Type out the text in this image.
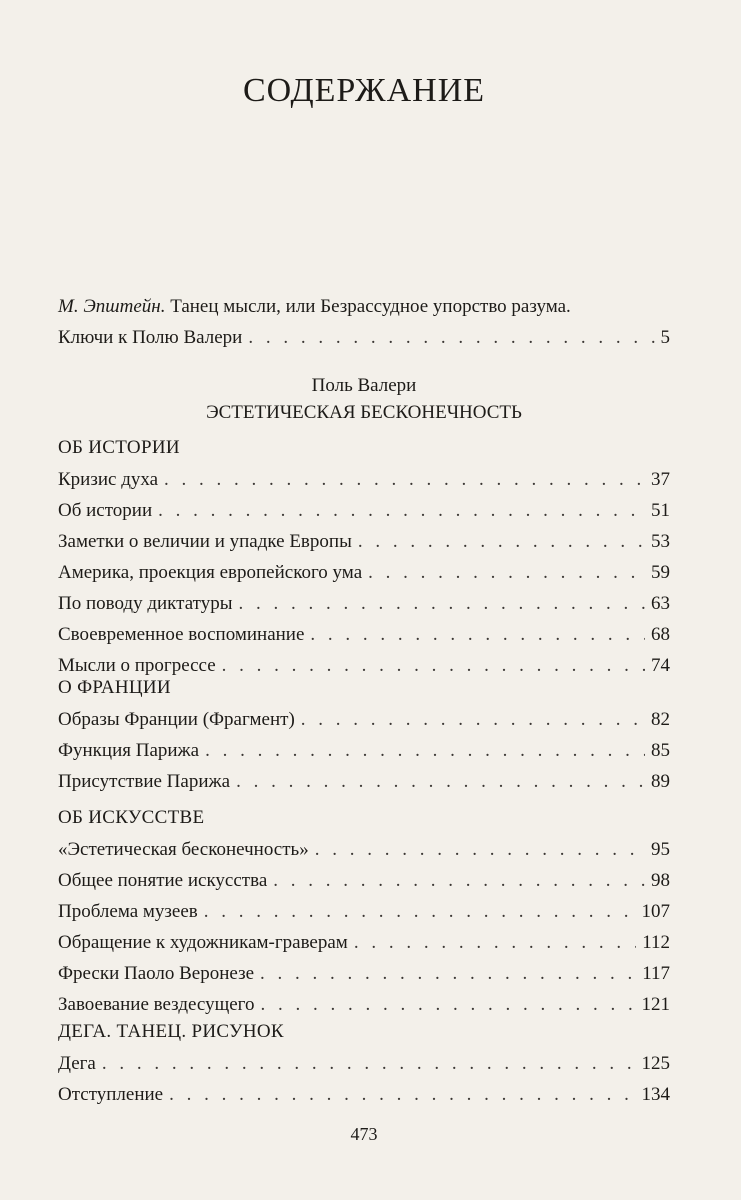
СОДЕРЖАНИЕ
М. Эпштейн. Танец мысли, или Безрассудное упорство разума.
Ключи к Полю Валери . . .	5
Поль Валери
ЭСТЕТИЧЕСКАЯ БЕСКОНЕЧНОСТЬ
ОБ ИСТОРИИ
Кризис духа . . .	37
Об истории . . .	51
Заметки о величии и упадке Европы . . .	53
Америка, проекция европейского ума . . .	59
По поводу диктатуры . . .	63
Своевременное воспоминание . . .	68
Мысли о прогрессе . . .	74
О ФРАНЦИИ
Образы Франции (Фрагмент) . . .	82
Функция Парижа . . .	85
Присутствие Парижа . . .	89
ОБ ИСКУССТВЕ
«Эстетическая бесконечность» . . .	95
Общее понятие искусства . . .	98
Проблема музеев . . .	107
Обращение к художникам-граверам . . .	112
Фрески Паоло Веронезе . . .	117
Завоевание вездесущего . . .	121
ДЕГА. ТАНЕЦ. РИСУНОК
Дега . . .	125
Отступление . . .	134
473
